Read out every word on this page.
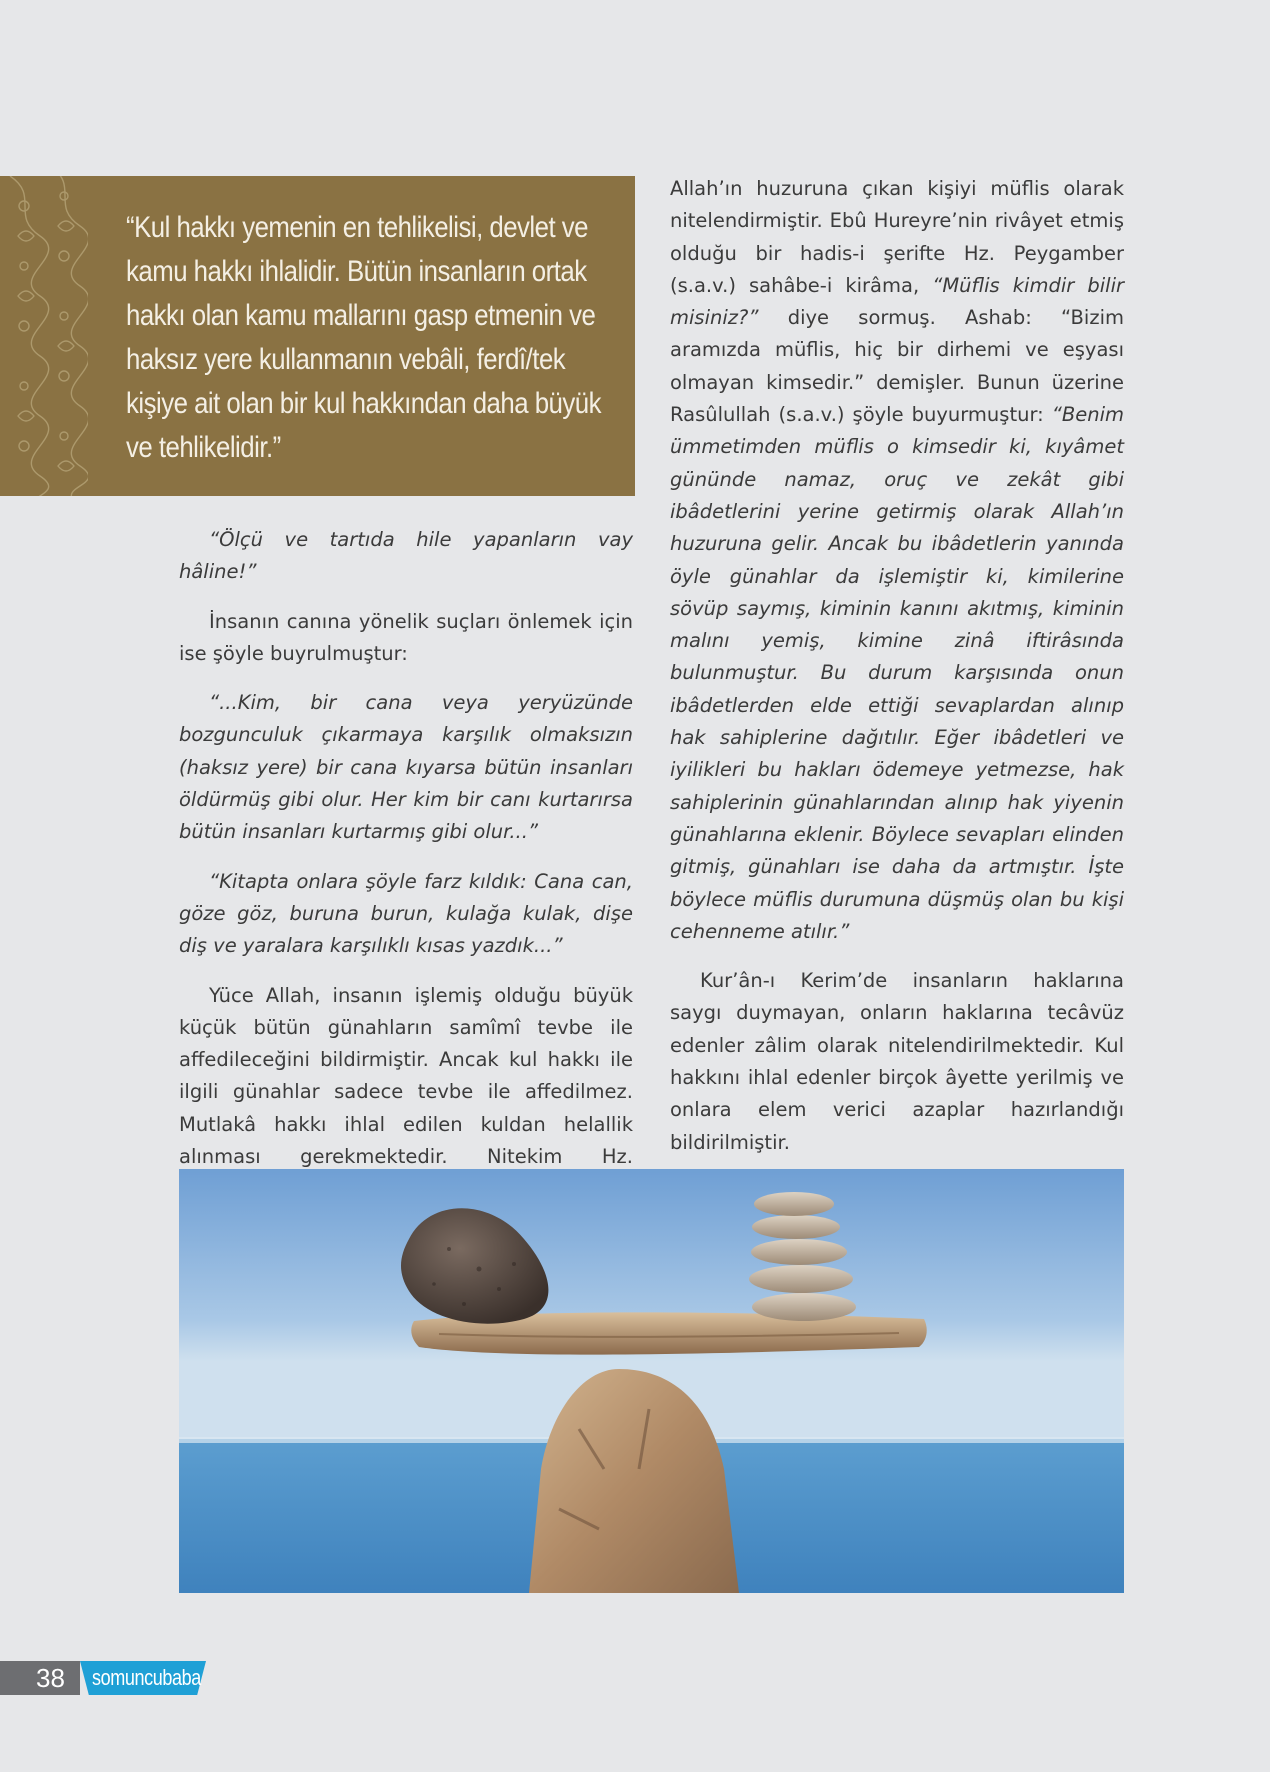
“Kul hakkı yemenin en tehlikelisi, devlet ve kamu hakkı ihlalidir. Bütün insanların ortak hakkı olan kamu mallarını gasp etmenin ve haksız yere kullanmanın vebâli, ferdî/tek kişiye ait olan bir kul hakkından daha büyük ve tehlikelidir.”

“Ölçü ve tartıda hile yapanların vay hâline!”

İnsanın canına yönelik suçları önlemek için ise şöyle buyrulmuştur:

“...Kim, bir cana veya yeryüzünde bozgunculuk çıkarmaya karşılık olmaksızın (haksız yere) bir cana kıyarsa bütün insanları öldürmüş gibi olur. Her kim bir canı kurtarırsa bütün insanları kurtarmış gibi olur...”

“Kitapta onlara şöyle farz kıldık: Cana can, göze göz, buruna burun, kulağa kulak, dişe diş ve yaralara karşılıklı kısas yazdık...”

Yüce Allah, insanın işlemiş olduğu büyük küçük bütün günahların samîmî tevbe ile affedileceğini bildirmiştir. Ancak kul hakkı ile ilgili günahlar sadece tevbe ile affedilmez. Mutlakâ hakkı ihlal edilen kuldan helallik alınması gerekmektedir. Nitekim Hz.

Allah’ın huzuruna çıkan kişiyi müflis olarak nitelendirmiştir. Ebû Hureyre’nin rivâyet etmiş olduğu bir hadis-i şerifte Hz. Peygamber (s.a.v.) sahâbe-i kirâma, “Müflis kimdir bilir misiniz?” diye sormuş. Ashab: “Bizim aramızda müflis, hiç bir dirhemi ve eşyası olmayan kimsedir.” demişler. Bunun üzerine Rasûlullah (s.a.v.) şöyle buyurmuştur: “Benim ümmetimden müflis o kimsedir ki, kıyâmet gününde namaz, oruç ve zekât gibi ibâdetlerini yerine getirmiş olarak Allah’ın huzuruna gelir. Ancak bu ibâdetlerin yanında öyle günahlar da işlemiştir ki, kimilerine sövüp saymış, kiminin kanını akıtmış, kiminin malını yemiş, kimine zinâ iftirâsında bulunmuştur. Bu durum karşısında onun ibâdetlerden elde ettiği sevaplardan alınıp hak sahiplerine dağıtılır. Eğer ibâdetleri ve iyilikleri bu hakları ödemeye yetmezse, hak sahiplerinin günahlarından alınıp hak yiyenin günahlarına eklenir. Böylece sevapları elinden gitmiş, günahları ise daha da artmıştır. İşte böylece müflis durumuna düşmüş olan bu kişi cehenneme atılır.”

Kur’ân-ı Kerim’de insanların haklarına saygı duymayan, onların haklarına tecâvüz edenler zâlim olarak nitelendirilmektedir. Kul hakkını ihlal edenler birçok âyette yerilmiş ve onlara elem verici azaplar hazırlandığı bildirilmiştir.

38 somuncubaba
